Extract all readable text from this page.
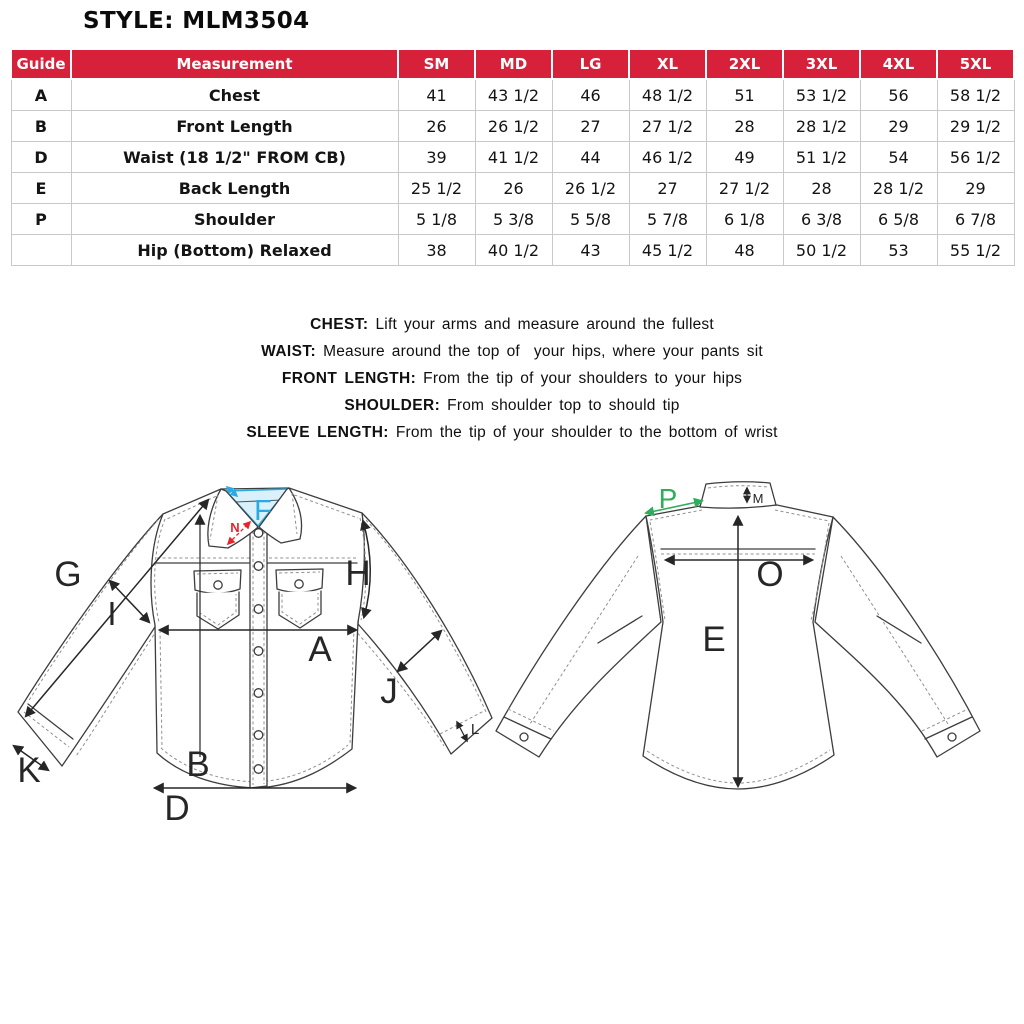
STYLE: MLM3504
Guide	Measurement	SM	MD	LG	XL	2XL	3XL	4XL	5XL
A	Chest	41	43 1/2	46	48 1/2	51	53 1/2	56	58 1/2
B	Front Length	26	26 1/2	27	27 1/2	28	28 1/2	29	29 1/2
D	Waist (18 1/2" FROM CB)	39	41 1/2	44	46 1/2	49	51 1/2	54	56 1/2
E	Back Length	25 1/2	26	26 1/2	27	27 1/2	28	28 1/2	29
P	Shoulder	5 1/8	5 3/8	5 5/8	5 7/8	6 1/8	6 3/8	6 5/8	6 7/8
	Hip (Bottom) Relaxed	38	40 1/2	43	45 1/2	48	50 1/2	53	55 1/2
CHEST: Lift your arms and measure around the fullest
WAIST: Measure around the top of  your hips, where your pants sit
FRONT LENGTH: From the tip of your shoulders to your hips
SHOULDER: From shoulder top to should tip
SLEEVE LENGTH: From the tip of your shoulder to the bottom of wrist
G
I
H
A
B
J
K
D
L
F
N
P	M
O
E
